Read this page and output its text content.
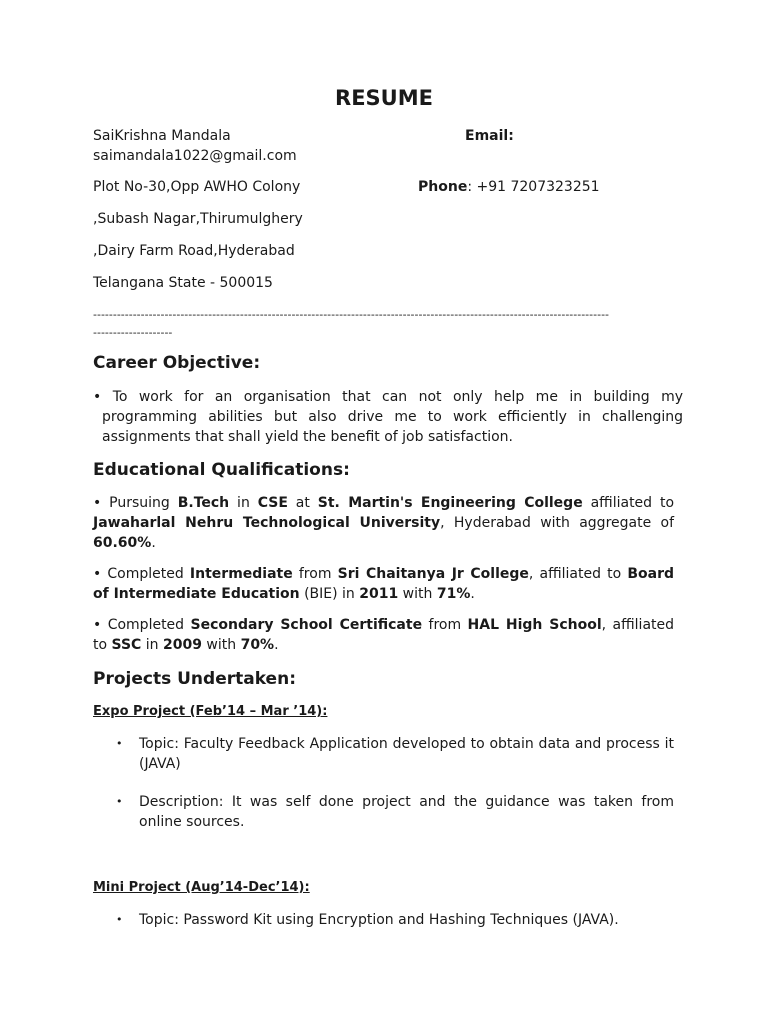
RESUME
SaiKrishna Mandala	Email:
saimandala1022@gmail.com
Plot No-30,Opp AWHO Colony	Phone: +91 7207323251
,Subash Nagar,Thirumulghery
,Dairy Farm Road,Hyderabad
Telangana State - 500015
----------------------------------------------------------------------------------------------------------------------------------
--------------------
Career Objective:
• To work for an organisation that can not only help me in building my programming abilities but also drive me to work efficiently in challenging assignments that shall yield the benefit of job satisfaction.
Educational Qualifications:
• Pursuing B.Tech in CSE at St. Martin's Engineering College affiliated to Jawaharlal Nehru Technological University, Hyderabad with aggregate of 60.60%.
• Completed Intermediate from Sri Chaitanya Jr College, affiliated to Board of Intermediate Education (BIE) in 2011 with 71%.
• Completed Secondary School Certificate from HAL High School, affiliated to SSC in 2009 with 70%.
Projects Undertaken:
Expo Project (Feb’14 – Mar ’14):
• Topic: Faculty Feedback Application developed to obtain data and process it (JAVA)
• Description: It was self done project and the guidance was taken from online sources.
Mini Project (Aug’14-Dec’14):
• Topic: Password Kit using Encryption and Hashing Techniques (JAVA).
